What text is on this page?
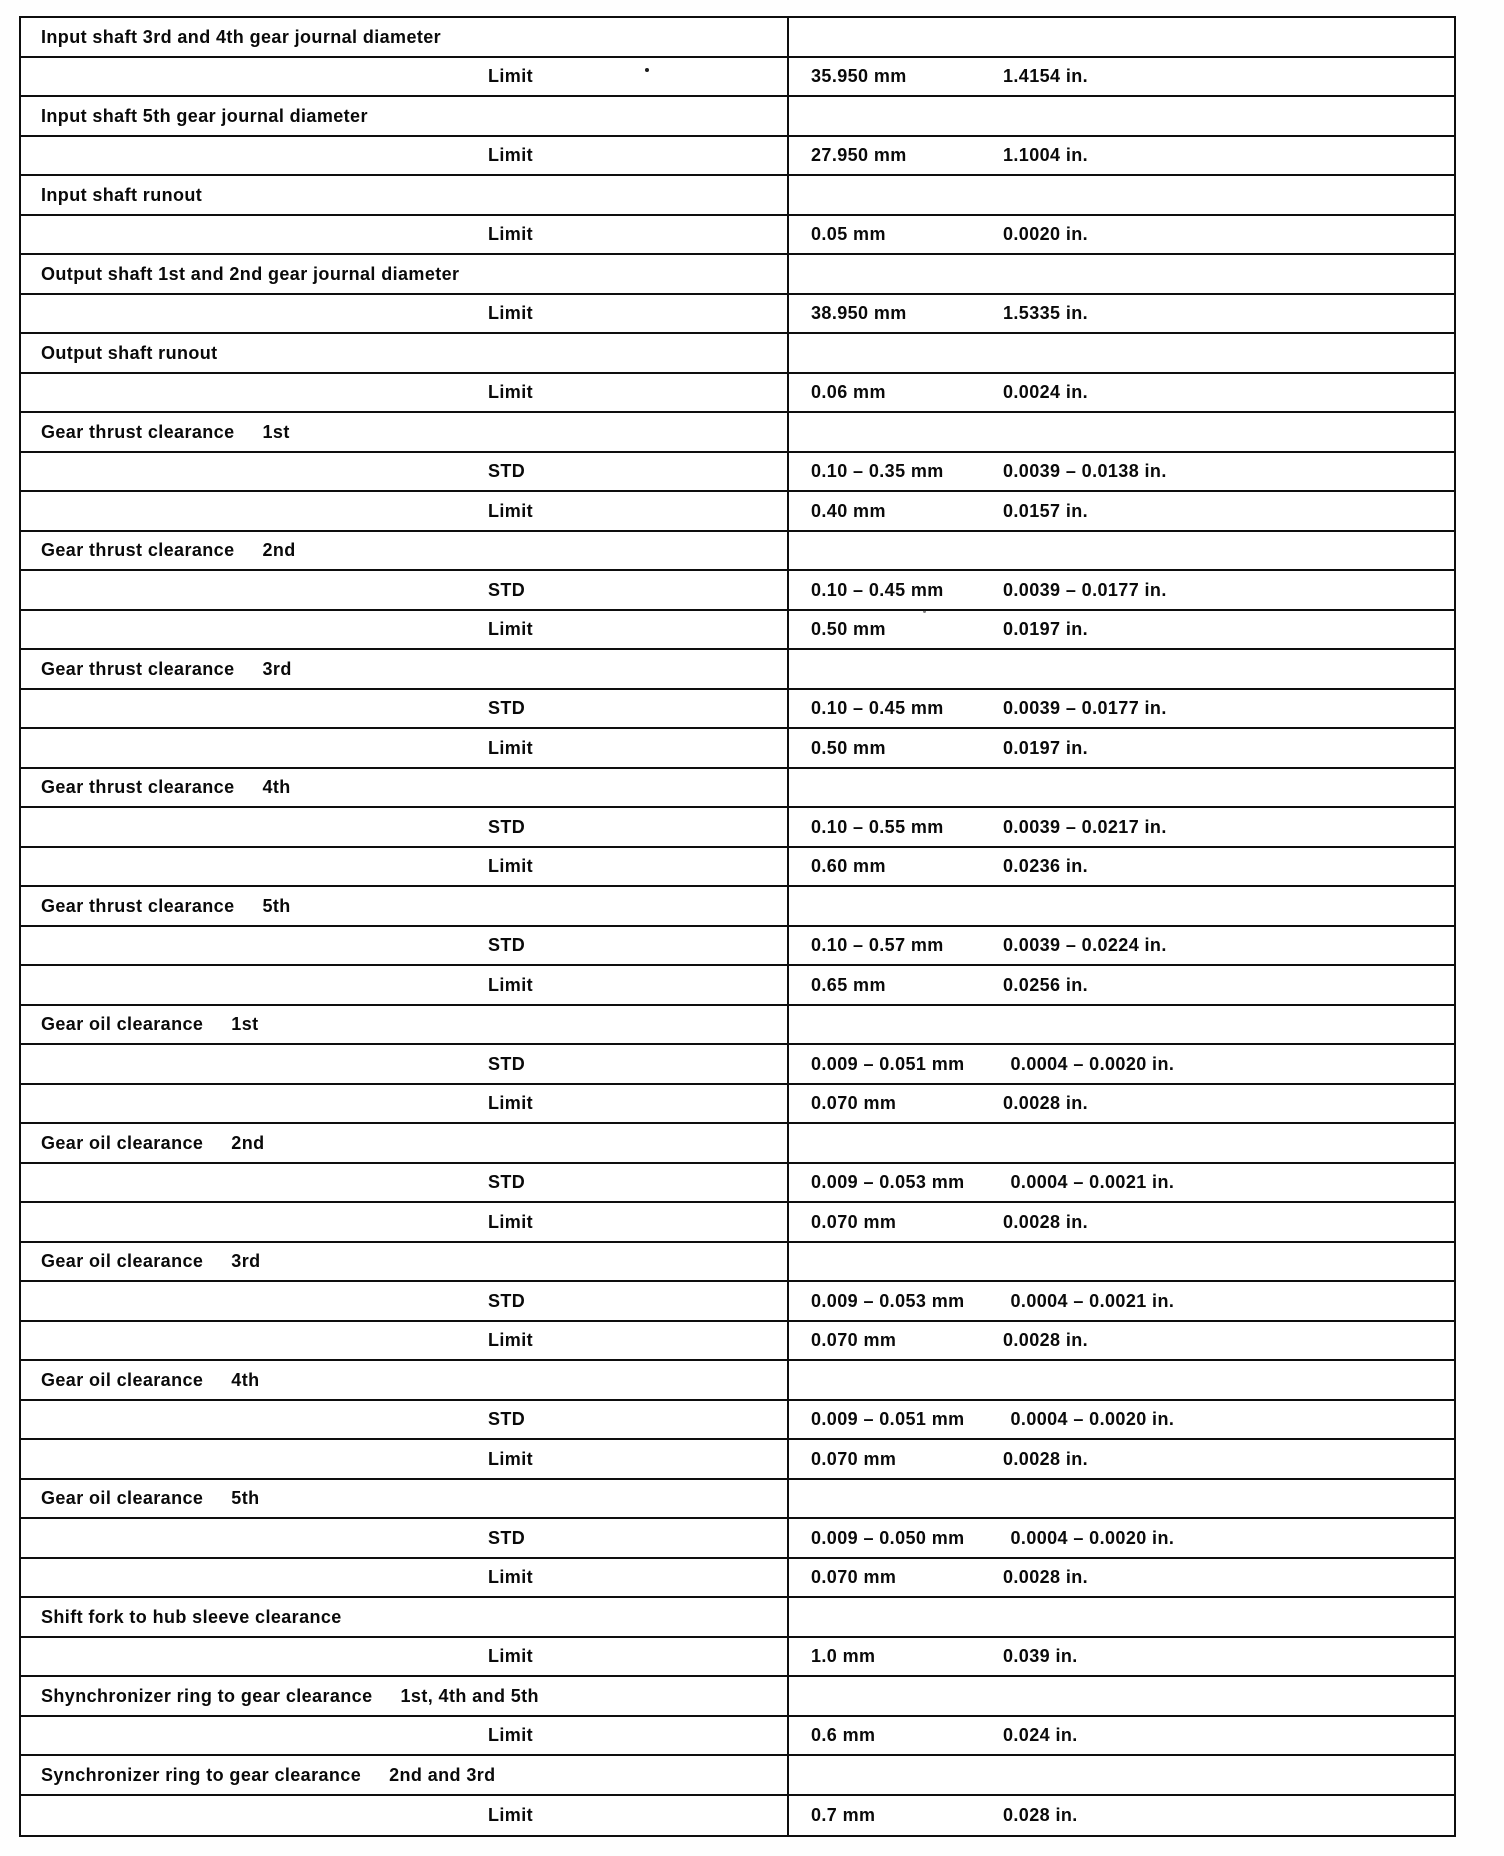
Input shaft 3rd and 4th gear journal diameter
Limit	35.950 mm	1.4154 in.
Input shaft 5th gear journal diameter
Limit	27.950 mm	1.1004 in.
Input shaft runout
Limit	0.05 mm	0.0020 in.
Output shaft 1st and 2nd gear journal diameter
Limit	38.950 mm	1.5335 in.
Output shaft runout
Limit	0.06 mm	0.0024 in.
Gear thrust clearance 1st
STD	0.10 – 0.35 mm	0.0039 – 0.0138 in.
Limit	0.40 mm	0.0157 in.
Gear thrust clearance 2nd
STD	0.10 – 0.45 mm	0.0039 – 0.0177 in.
Limit	0.50 mm	0.0197 in.
Gear thrust clearance 3rd
STD	0.10 – 0.45 mm	0.0039 – 0.0177 in.
Limit	0.50 mm	0.0197 in.
Gear thrust clearance 4th
STD	0.10 – 0.55 mm	0.0039 – 0.0217 in.
Limit	0.60 mm	0.0236 in.
Gear thrust clearance 5th
STD	0.10 – 0.57 mm	0.0039 – 0.0224 in.
Limit	0.65 mm	0.0256 in.
Gear oil clearance 1st
STD	0.009 – 0.051 mm	0.0004 – 0.0020 in.
Limit	0.070 mm	0.0028 in.
Gear oil clearance 2nd
STD	0.009 – 0.053 mm	0.0004 – 0.0021 in.
Limit	0.070 mm	0.0028 in.
Gear oil clearance 3rd
STD	0.009 – 0.053 mm	0.0004 – 0.0021 in.
Limit	0.070 mm	0.0028 in.
Gear oil clearance 4th
STD	0.009 – 0.051 mm	0.0004 – 0.0020 in.
Limit	0.070 mm	0.0028 in.
Gear oil clearance 5th
STD	0.009 – 0.050 mm	0.0004 – 0.0020 in.
Limit	0.070 mm	0.0028 in.
Shift fork to hub sleeve clearance
Limit	1.0 mm	0.039 in.
Shynchronizer ring to gear clearance 1st, 4th and 5th
Limit	0.6 mm	0.024 in.
Synchronizer ring to gear clearance 2nd and 3rd
Limit	0.7 mm	0.028 in.
